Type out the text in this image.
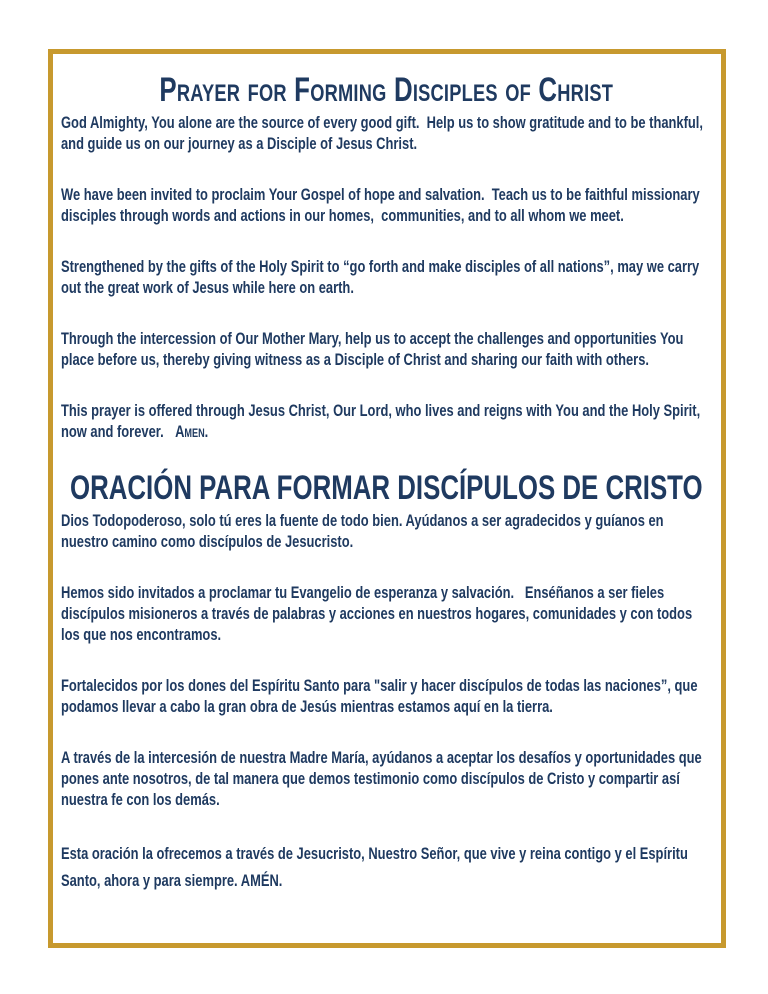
Prayer for Forming Disciples of Christ

God Almighty, You alone are the source of every good gift.  Help us to show gratitude and to be thankful, and guide us on our journey as a Disciple of Jesus Christ.

We have been invited to proclaim Your Gospel of hope and salvation.  Teach us to be faithful missionary disciples through words and actions in our homes,  communities, and to all whom we meet.

Strengthened by the gifts of the Holy Spirit to “go forth and make disciples of all nations”, may we carry out the great work of Jesus while here on earth.

Through the intercession of Our Mother Mary, help us to accept the challenges and opportunities You place before us, thereby giving witness as a Disciple of Christ and sharing our faith with others.

This prayer is offered through Jesus Christ, Our Lord, who lives and reigns with You and the Holy Spirit, now and forever. Amen.

ORACIÓN PARA FORMAR DISCÍPULOS DE CRISTO

Dios Todopoderoso, solo tú eres la fuente de todo bien. Ayúdanos a ser agradecidos y guíanos en nuestro camino como discípulos de Jesucristo.

Hemos sido invitados a proclamar tu Evangelio de esperanza y salvación.   Enséñanos a ser fieles discípulos misioneros a través de palabras y acciones en nuestros hogares, comunidades y con todos los que nos encontramos.

Fortalecidos por los dones del Espíritu Santo para "salir y hacer discípulos de todas las naciones”, que podamos llevar a cabo la gran obra de Jesús mientras estamos aquí en la tierra.

A través de la intercesión de nuestra Madre María, ayúdanos a aceptar los desafíos y oportunidades que pones ante nosotros, de tal manera que demos testimonio como discípulos de Cristo y compartir así nuestra fe con los demás.

Esta oración la ofrecemos a través de Jesucristo, Nuestro Señor, que vive y reina contigo y el Espíritu Santo, ahora y para siempre. AMÉN.
